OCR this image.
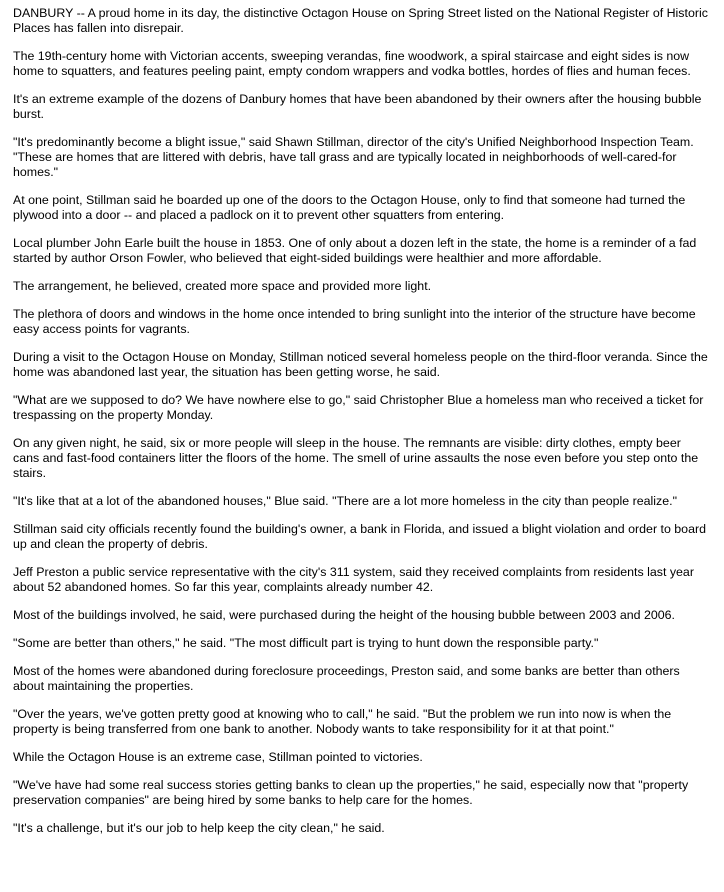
DANBURY -- A proud home in its day, the distinctive Octagon House on Spring Street listed on the National Register of Historic Places has fallen into disrepair.

The 19th-century home with Victorian accents, sweeping verandas, fine woodwork, a spiral staircase and eight sides is now home to squatters, and features peeling paint, empty condom wrappers and vodka bottles, hordes of flies and human feces.

It's an extreme example of the dozens of Danbury homes that have been abandoned by their owners after the housing bubble burst.

"It's predominantly become a blight issue," said Shawn Stillman, director of the city's Unified Neighborhood Inspection Team. "These are homes that are littered with debris, have tall grass and are typically located in neighborhoods of well-cared-for homes."

At one point, Stillman said he boarded up one of the doors to the Octagon House, only to find that someone had turned the plywood into a door -- and placed a padlock on it to prevent other squatters from entering.

Local plumber John Earle built the house in 1853. One of only about a dozen left in the state, the home is a reminder of a fad started by author Orson Fowler, who believed that eight-sided buildings were healthier and more affordable.

The arrangement, he believed, created more space and provided more light.

The plethora of doors and windows in the home once intended to bring sunlight into the interior of the structure have become easy access points for vagrants.

During a visit to the Octagon House on Monday, Stillman noticed several homeless people on the third-floor veranda. Since the home was abandoned last year, the situation has been getting worse, he said.

"What are we supposed to do? We have nowhere else to go," said Christopher Blue a homeless man who received a ticket for trespassing on the property Monday.

On any given night, he said, six or more people will sleep in the house. The remnants are visible: dirty clothes, empty beer cans and fast-food containers litter the floors of the home. The smell of urine assaults the nose even before you step onto the stairs.

"It's like that at a lot of the abandoned houses," Blue said. "There are a lot more homeless in the city than people realize."

Stillman said city officials recently found the building's owner, a bank in Florida, and issued a blight violation and order to board up and clean the property of debris.

Jeff Preston a public service representative with the city's 311 system, said they received complaints from residents last year about 52 abandoned homes. So far this year, complaints already number 42.

Most of the buildings involved, he said, were purchased during the height of the housing bubble between 2003 and 2006.

"Some are better than others," he said. "The most difficult part is trying to hunt down the responsible party."

Most of the homes were abandoned during foreclosure proceedings, Preston said, and some banks are better than others about maintaining the properties.

"Over the years, we've gotten pretty good at knowing who to call," he said. "But the problem we run into now is when the property is being transferred from one bank to another. Nobody wants to take responsibility for it at that point."

While the Octagon House is an extreme case, Stillman pointed to victories.

"We've have had some real success stories getting banks to clean up the properties," he said, especially now that "property preservation companies" are being hired by some banks to help care for the homes.

"It's a challenge, but it's our job to help keep the city clean," he said.
